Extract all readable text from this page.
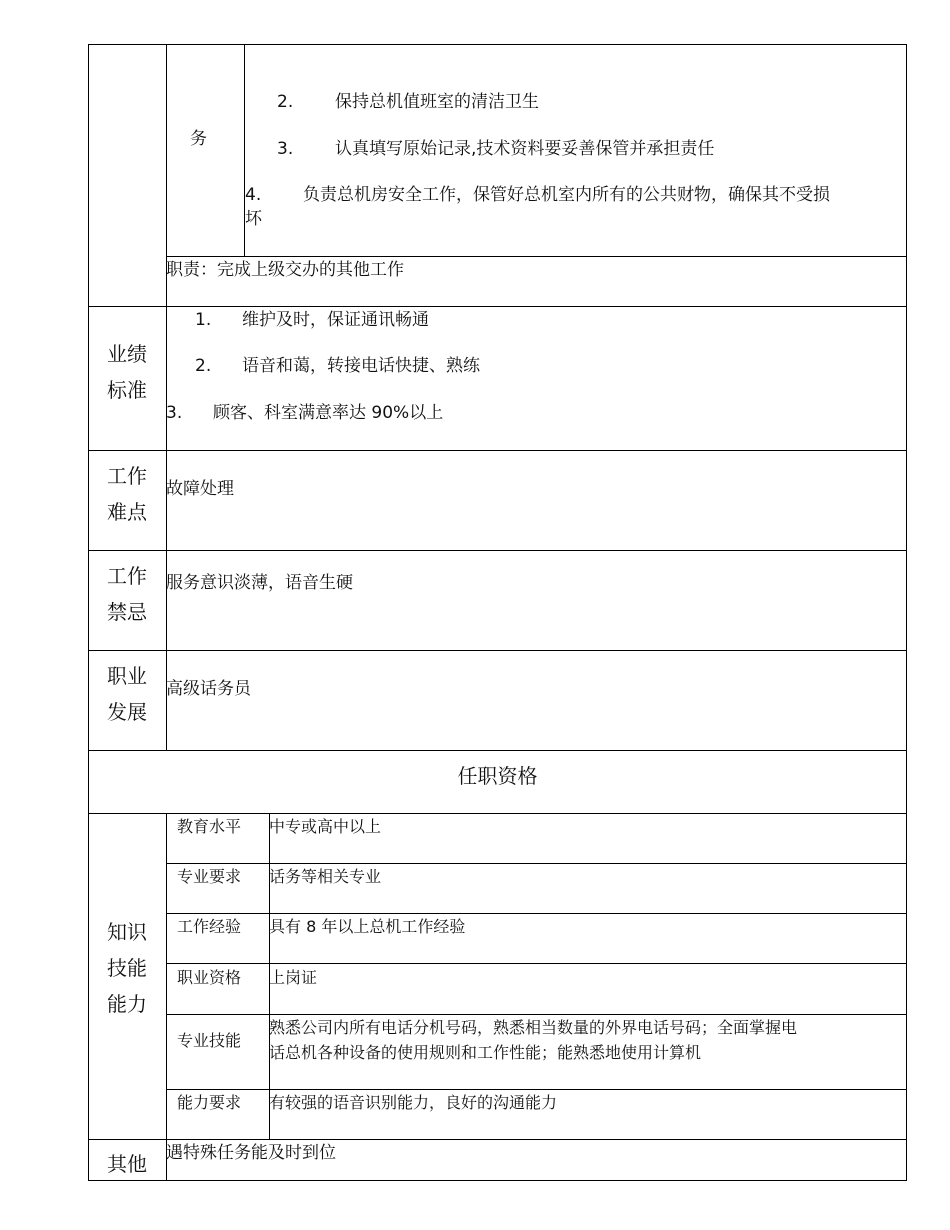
务
2. 保持总机值班室的清洁卫生
3. 认真填写原始记录,技术资料要妥善保管并承担责任
4. 负责总机房安全工作，保管好总机室内所有的公共财物，确保其不受损
坏
职责：完成上级交办的其他工作
业绩
标准
1. 维护及时，保证通讯畅通
2. 语音和蔼，转接电话快捷、熟练
3. 顾客、科室满意率达 90%以上
工作
难点
故障处理
工作
禁忌
服务意识淡薄，语音生硬
职业
发展
高级话务员
任职资格
知识
技能
能力
教育水平 中专或高中以上
专业要求 话务等相关专业
工作经验 具有 8 年以上总机工作经验
职业资格 上岗证
专业技能
熟悉公司内所有电话分机号码，熟悉相当数量的外界电话号码；全面掌握电
话总机各种设备的使用规则和工作性能；能熟悉地使用计算机
能力要求 有较强的语音识别能力，良好的沟通能力
其他	遇特殊任务能及时到位
